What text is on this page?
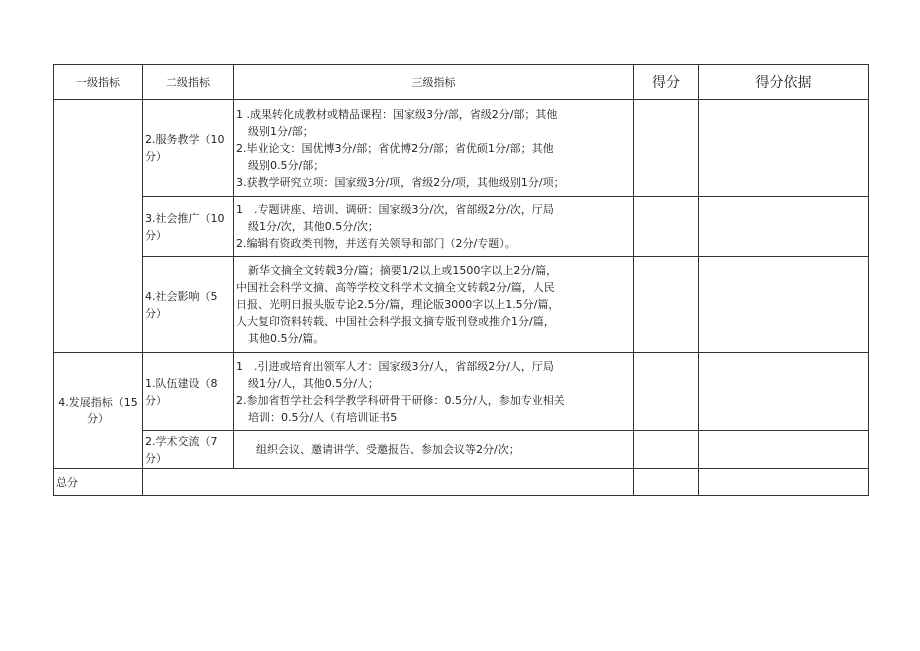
一级指标	二级指标	三级指标	得分	得分依据
	2.服务教学（10分）	1 .成果转化成教材或精品课程：国家级3分/部，省级2分/部；其他
级别1分/部；
2.毕业论文：国优博3分/部；省优博2分/部；省优硕1分/部；其他
级别0.5分/部；
3.获教学研究立项：国家级3分/项，省级2分/项，其他级别1分/项；		

	3.社会推广（10分）	1　.专题讲座、培训、调研：国家级3分/次，省部级2分/次，厅局
级1分/次，其他0.5分/次；
2.编辑有资政类刊物，并送有关领导和部门（2分/专题）。		

	4.社会影响（5分）	新华文摘全文转载3分/篇；摘要1/2以上或1500字以上2分/篇，
中国社会科学文摘、高等学校文科学术文摘全文转载2分/篇，人民
日报、光明日报头版专论2.5分/篇，理论版3000字以上1.5分/篇，
人大复印资料转载、中国社会科学报文摘专版刊登或推介1分/篇，
其他0.5分/篇。		

4.发展指标（15分）	1.队伍建设（8分）	1　.引进或培育出领军人才：国家级3分/人，省部级2分/人，厅局
级1分/人，其他0.5分/人；
2.参加省哲学社会科学教学科研骨干研修：0.5分/人，参加专业相关
培训：0.5分/人（有培训证书5		

	2.学术交流（7分）	组织会议、邀请讲学、受邀报告、参加会议等2分/次；		

总分				
